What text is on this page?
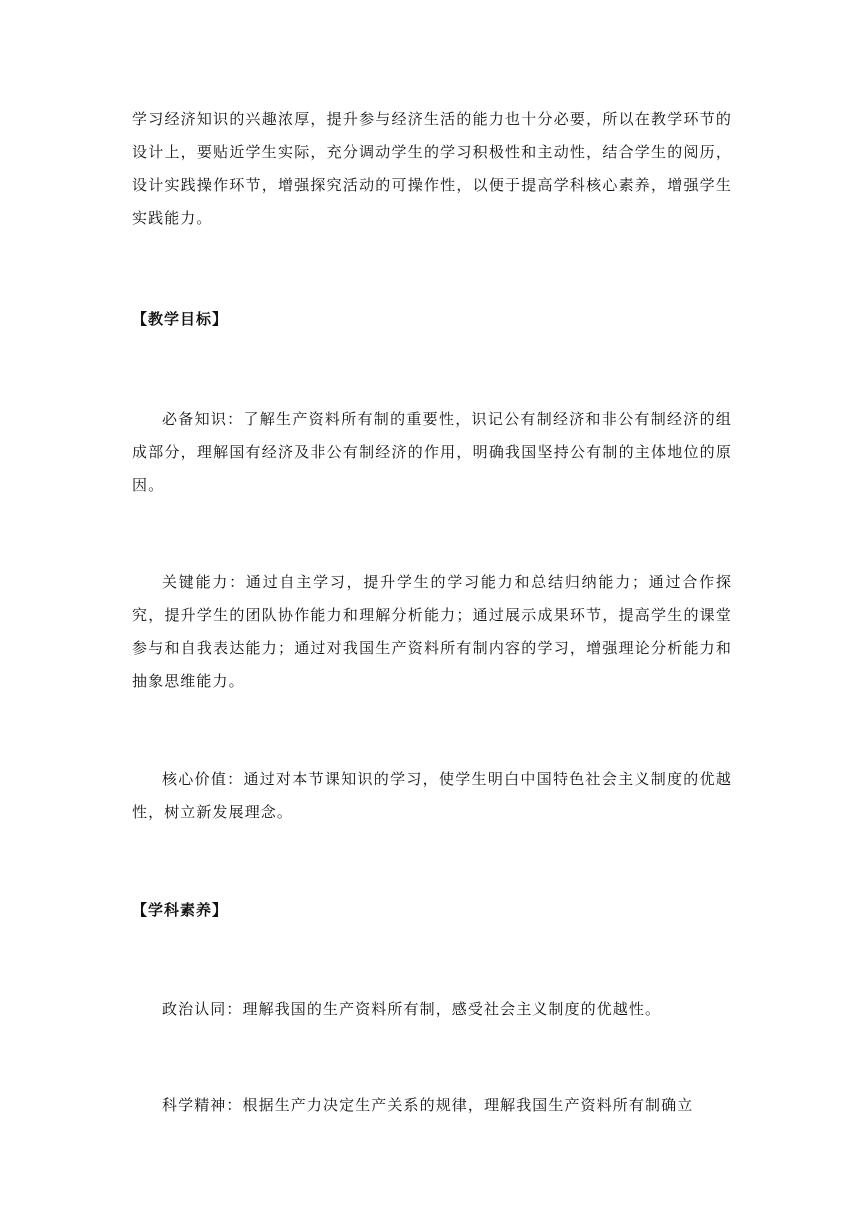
学习经济知识的兴趣浓厚，提升参与经济生活的能力也十分必要，所以在教学环节的设计上，要贴近学生实际，充分调动学生的学习积极性和主动性，结合学生的阅历，设计实践操作环节，增强探究活动的可操作性，以便于提高学科核心素养，增强学生实践能力。

【教学目标】

必备知识：了解生产资料所有制的重要性，识记公有制经济和非公有制经济的组成部分，理解国有经济及非公有制经济的作用，明确我国坚持公有制的主体地位的原因。

关键能力：通过自主学习，提升学生的学习能力和总结归纳能力；通过合作探究，提升学生的团队协作能力和理解分析能力；通过展示成果环节，提高学生的课堂参与和自我表达能力；通过对我国生产资料所有制内容的学习，增强理论分析能力和抽象思维能力。

核心价值：通过对本节课知识的学习，使学生明白中国特色社会主义制度的优越性，树立新发展理念。

【学科素养】

政治认同：理解我国的生产资料所有制，感受社会主义制度的优越性。

科学精神：根据生产力决定生产关系的规律，理解我国生产资料所有制确立
